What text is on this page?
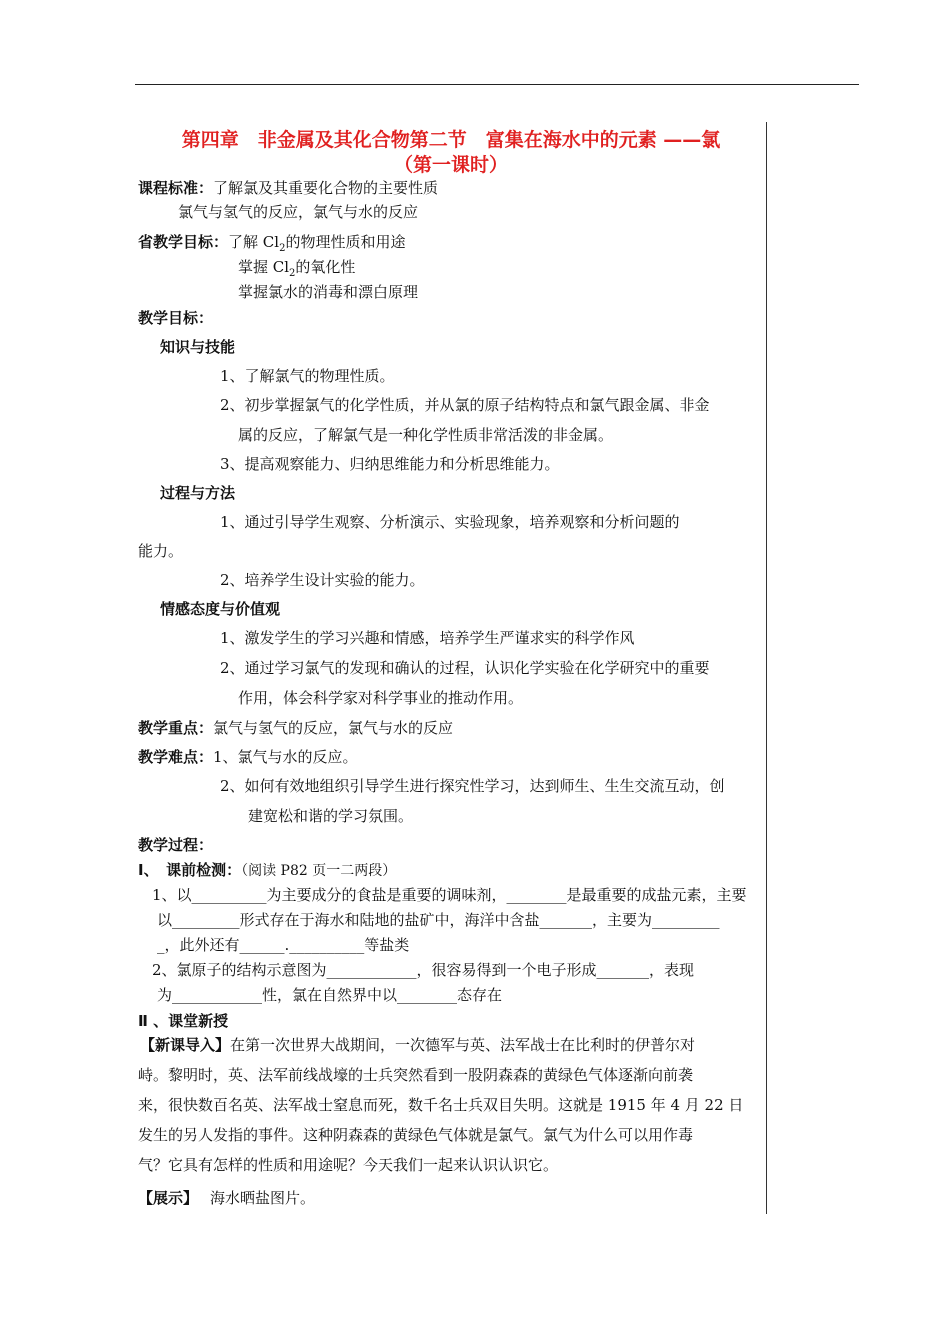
第四章　非金属及其化合物第二节　富集在海水中的元素 ——氯
（第一课时）
课程标准：了解氯及其重要化合物的主要性质
氯气与氢气的反应，氯气与水的反应
省教学目标：了解 $Cl_2$的物理性质和用途
掌握 $Cl_2$的氧化性
掌握氯水的消毒和漂白原理
教学目标：
知识与技能
1、了解氯气的物理性质。
2、初步掌握氯气的化学性质，并从氯的原子结构特点和氯气跟金属、非金
属的反应，了解氯气是一种化学性质非常活泼的非金属。
3、提高观察能力、归纳思维能力和分析思维能力。
过程与方法
1、通过引导学生观察、分析演示、实验现象，培养观察和分析问题的
能力。
2、培养学生设计实验的能力。
情感态度与价值观
1、激发学生的学习兴趣和情感，培养学生严谨求实的科学作风
2、通过学习氯气的发现和确认的过程，认识化学实验在化学研究中的重要
作用，体会科学家对科学事业的推动作用。
教学重点：氯气与氢气的反应，氯气与水的反应
教学难点：1、氯气与水的反应。
2、如何有效地组织引导学生进行探究性学习，达到师生、生生交流互动，创
建宽松和谐的学习氛围。
教学过程：
Ⅰ、　课前检测：（阅读 P82 页一二两段）
1、以__________为主要成分的食盐是重要的调味剂，________是最重要的成盐元素，主要
以_________形式存在于海水和陆地的盐矿中，海洋中含盐_______，主要为_________
_，此外还有______.__________等盐类
2、氯原子的结构示意图为____________，很容易得到一个电子形成_______，表现
为____________性，氯在自然界中以________态存在
Ⅱ 、课堂新授
【新课导入】在第一次世界大战期间，一次德军与英、法军战士在比利时的伊普尔对
峙。黎明时，英、法军前线战壕的士兵突然看到一股阴森森的黄绿色气体逐渐向前袭
来，很快数百名英、法军战士窒息而死，数千名士兵双目失明。这就是 1915 年 4 月 22 日
发生的另人发指的事件。这种阴森森的黄绿色气体就是氯气。氯气为什么可以用作毒
气？它具有怎样的性质和用途呢？今天我们一起来认识认识它。
【展示】 海水晒盐图片。
